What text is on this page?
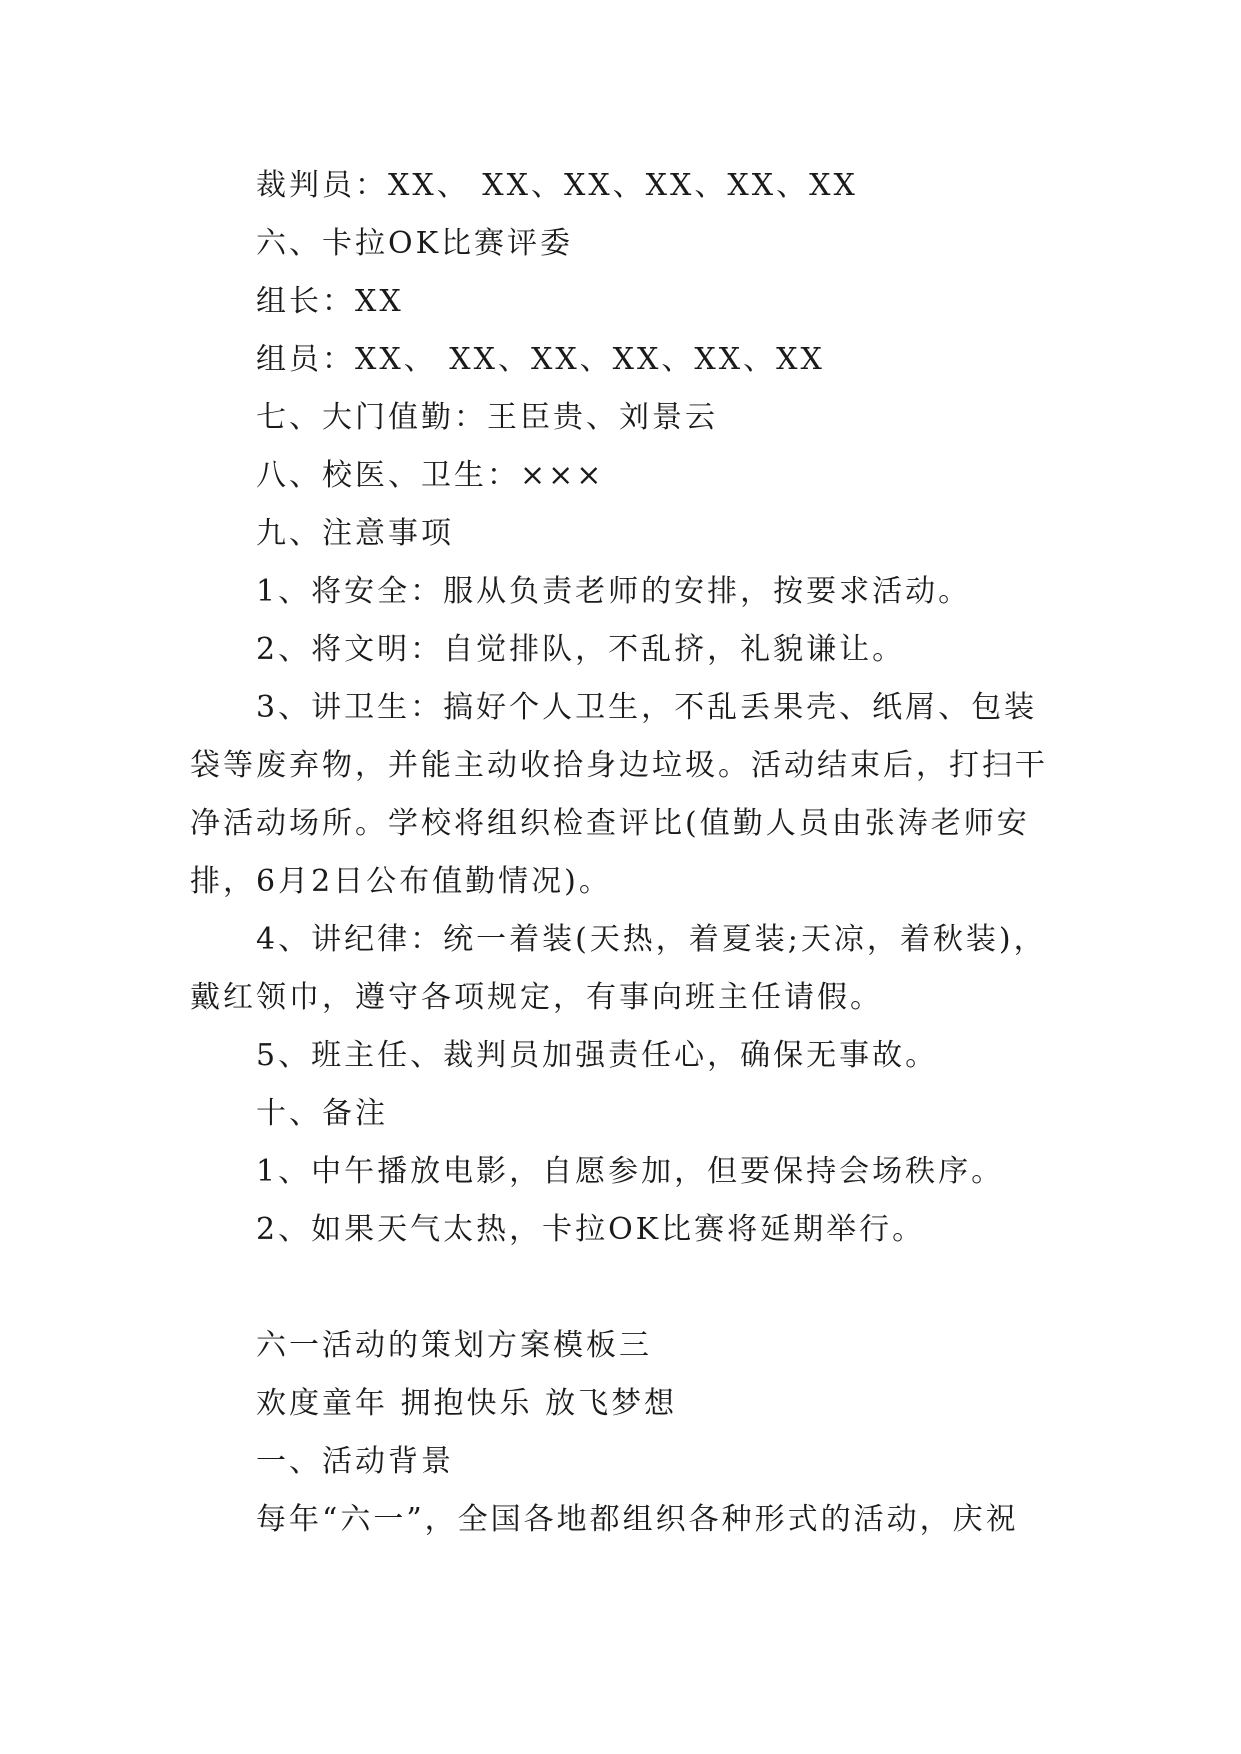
裁判员：XX、 XX、XX、XX、XX、XX
六、卡拉OK比赛评委
组长：XX
组员：XX、 XX、XX、XX、XX、XX
七、大门值勤：王臣贵、刘景云
八、校医、卫生：×××
九、注意事项
1、将安全：服从负责老师的安排，按要求活动。
2、将文明：自觉排队，不乱挤，礼貌谦让。
3、讲卫生：搞好个人卫生，不乱丢果壳、纸屑、包装
袋等废弃物，并能主动收拾身边垃圾。活动结束后，打扫干
净活动场所。学校将组织检查评比(值勤人员由张涛老师安
排，6月2日公布值勤情况)。
4、讲纪律：统一着装(天热，着夏装;天凉，着秋装)，
戴红领巾，遵守各项规定，有事向班主任请假。
5、班主任、裁判员加强责任心，确保无事故。
十、备注
1、中午播放电影，自愿参加，但要保持会场秩序。
2、如果天气太热，卡拉OK比赛将延期举行。
六一活动的策划方案模板三
欢度童年 拥抱快乐 放飞梦想
一、活动背景
每年“六一”，全国各地都组织各种形式的活动，庆祝
